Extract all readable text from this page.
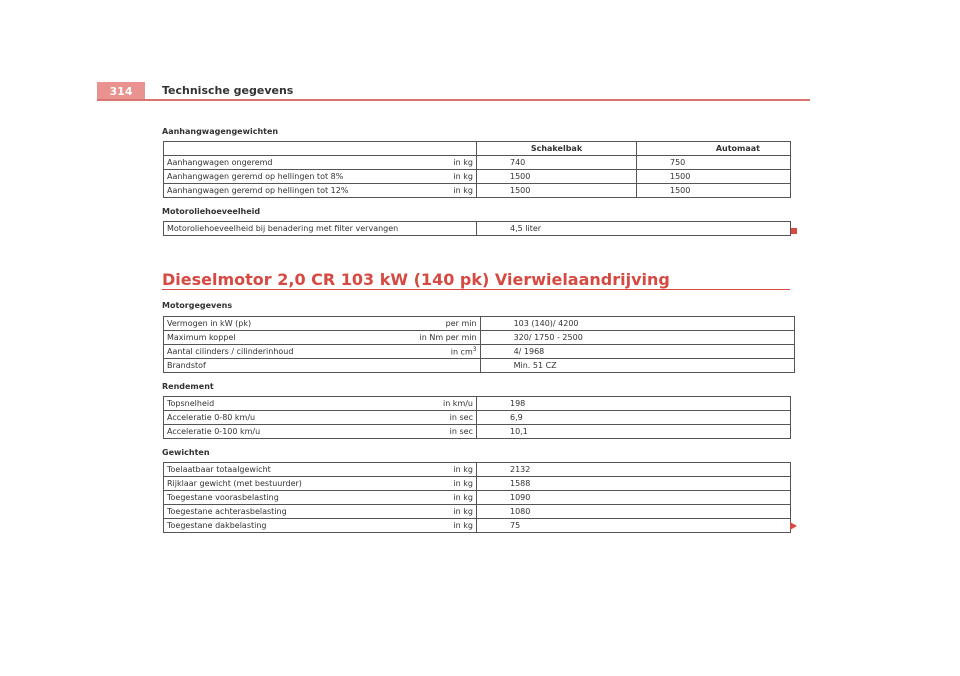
314	Technische gegevens
Aanhangwagengewichten
		Schakelbak	Automaat
Aanhangwagen ongeremd	in kg	740	750
Aanhangwagen geremd op hellingen tot 8%	in kg	1500	1500
Aanhangwagen geremd op hellingen tot 12%	in kg	1500	1500
Motoroliehoeveelheid
Motoroliehoeveelheid bij benadering met filter vervangen		4,5 liter
Dieselmotor 2,0 CR 103 kW (140 pk) Vierwielaandrijving
Motorgegevens
Vermogen in kW (pk)	per min	103 (140)/ 4200
Maximum koppel	in Nm per min	320/ 1750 - 2500
Aantal cilinders / cilinderinhoud	in $cm^3$	4/ 1968
Brandstof		Min. 51 CZ
Rendement
Topsnelheid	in km/u	198
Acceleratie 0-80 km/u	in sec	6,9
Acceleratie 0-100 km/u	in sec	10,1
Gewichten
Toelaatbaar totaalgewicht	in kg	2132
Rijklaar gewicht (met bestuurder)	in kg	1588
Toegestane voorasbelasting	in kg	1090
Toegestane achterasbelasting	in kg	1080
Toegestane dakbelasting	in kg	75
